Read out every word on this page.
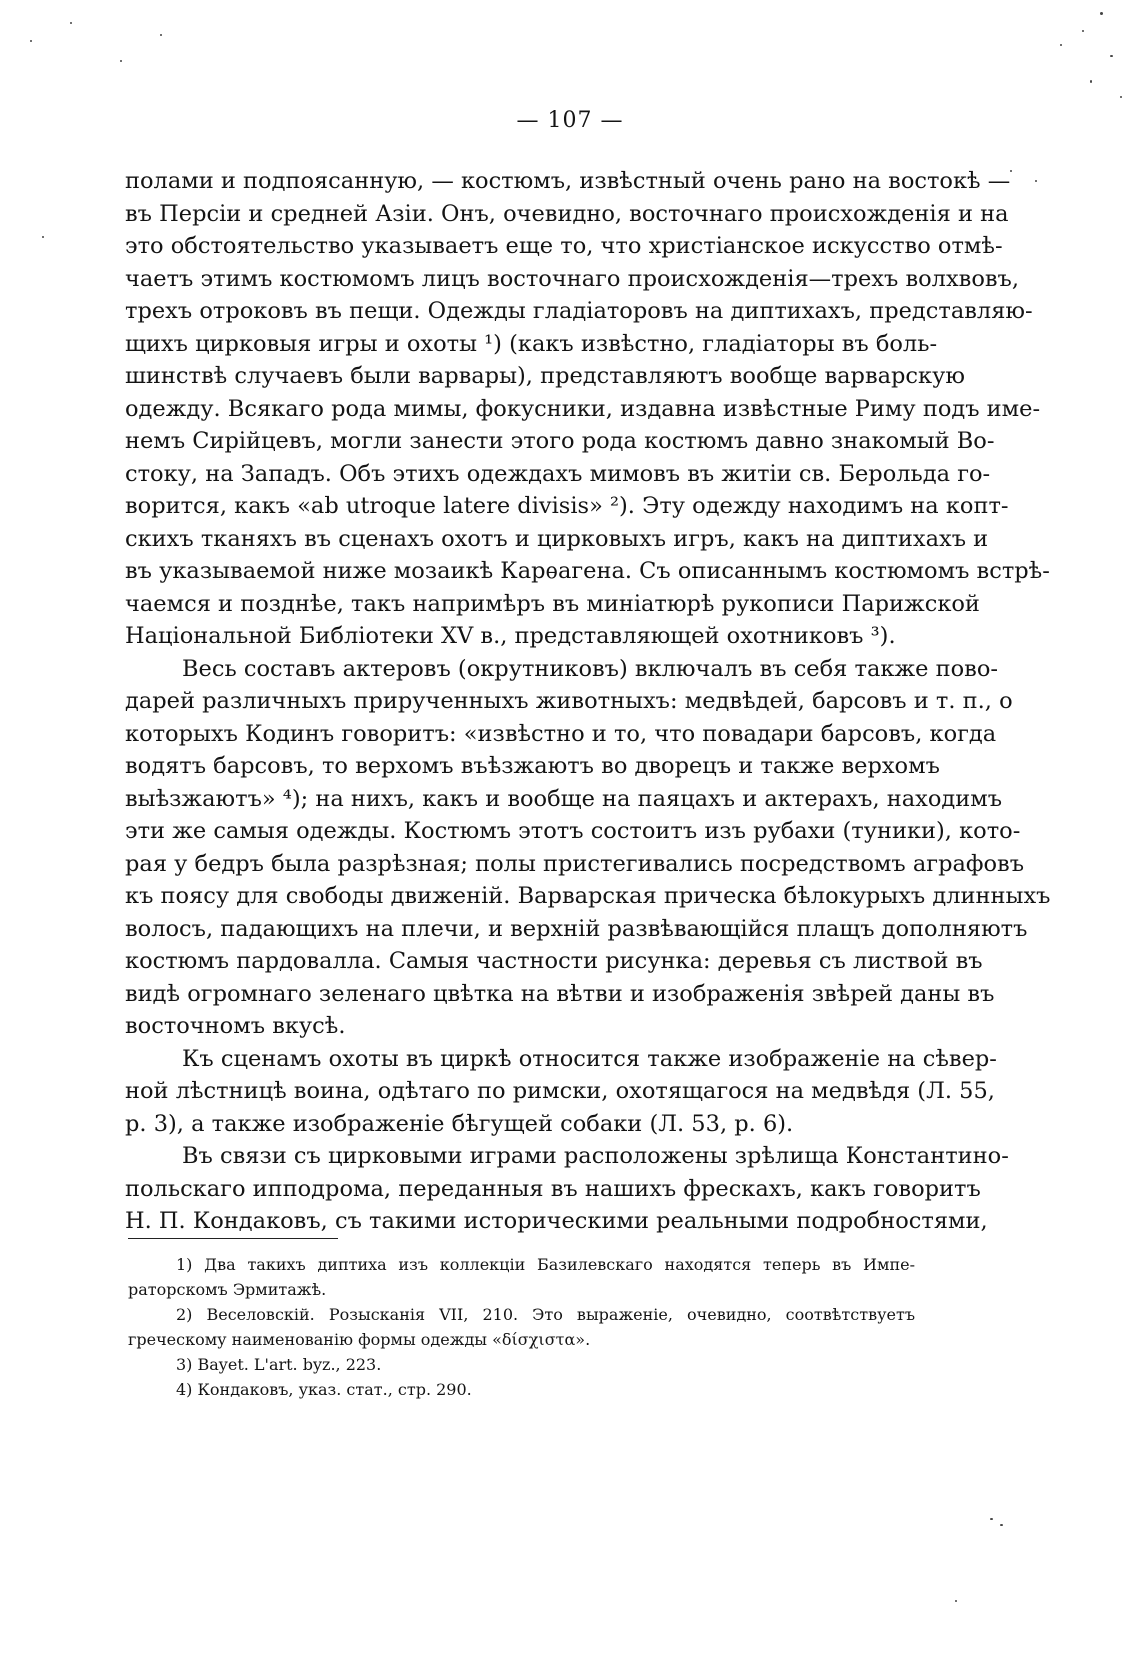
— 107 —

полами и подпоясанную, — костюмъ, извѣстный очень рано на востокѣ —
въ Персіи и средней Азіи. Онъ, очевидно, восточнаго происхожденія и на
это обстоятельство указываетъ еще то, что христіанское искусство отмѣ-
чаетъ этимъ костюмомъ лицъ восточнаго происхожденія—трехъ волхвовъ,
трехъ отроковъ въ пещи. Одежды гладіаторовъ на диптихахъ, представляю-
щихъ цирковыя игры и охоты ¹) (какъ извѣстно, гладіаторы въ боль-
шинствѣ случаевъ были варвары), представляютъ вообще варварскую
одежду. Всякаго рода мимы, фокусники, издавна извѣстные Риму подъ име-
немъ Сирійцевъ, могли занести этого рода костюмъ давно знакомый Во-
стоку, на Западъ. Объ этихъ одеждахъ мимовъ въ житіи св. Берольда го-
ворится, какъ «ab utroque latere divisis» ²). Эту одежду находимъ на копт-
скихъ тканяхъ въ сценахъ охотъ и цирковыхъ игръ, какъ на диптихахъ и
въ указываемой ниже мозаикѣ Карѳагена. Съ описаннымъ костюмомъ встрѣ-
чаемся и позднѣе, такъ напримѣръ въ миніатюрѣ рукописи Парижской
Національной Библіотеки XV в., представляющей охотниковъ ³).

Весь составъ актеровъ (окрутниковъ) включалъ въ себя также пово-
дарей различныхъ прирученныхъ животныхъ: медвѣдей, барсовъ и т. п., о
которыхъ Кодинъ говоритъ: «извѣстно и то, что повадари барсовъ, когда
водятъ барсовъ, то верхомъ въѣзжаютъ во дворецъ и также верхомъ
выѣзжаютъ» ⁴); на нихъ, какъ и вообще на паяцахъ и актерахъ, находимъ
эти же самыя одежды. Костюмъ этотъ состоитъ изъ рубахи (туники), кото-
рая у бедръ была разрѣзная; полы пристегивались посредствомъ аграфовъ
къ поясу для свободы движеній. Варварская прическа бѣлокурыхъ длинныхъ
волосъ, падающихъ на плечи, и верхній развѣвающійся плащъ дополняютъ
костюмъ пардовалла. Самыя частности рисунка: деревья съ листвой въ
видѣ огромнаго зеленаго цвѣтка на вѣтви и изображенія звѣрей даны въ
восточномъ вкусѣ.

Къ сценамъ охоты въ циркѣ относится также изображеніе на сѣвер-
ной лѣстницѣ воина, одѣтаго по римски, охотящагося на медвѣдя (Л. 55,
р. 3), а также изображеніе бѣгущей собаки (Л. 53, р. 6).

Въ связи съ цирковыми играми расположены зрѣлища Константино-
польскаго ипподрома, переданныя въ нашихъ фрескахъ, какъ говоритъ
Н. П. Кондаковъ, съ такими историческими реальными подробностями,

1) Два такихъ диптиха изъ коллекціи Базилевскаго находятся теперь въ Импе-
раторскомъ Эрмитажѣ.
2) Веселовскій. Розысканія VII, 210. Это выраженіе, очевидно, соотвѣтствуетъ
греческому наименованію формы одежды «δίσχιστα».
3) Bayet. L'art. byz., 223.
4) Кондаковъ, указ. стат., стр. 290.
